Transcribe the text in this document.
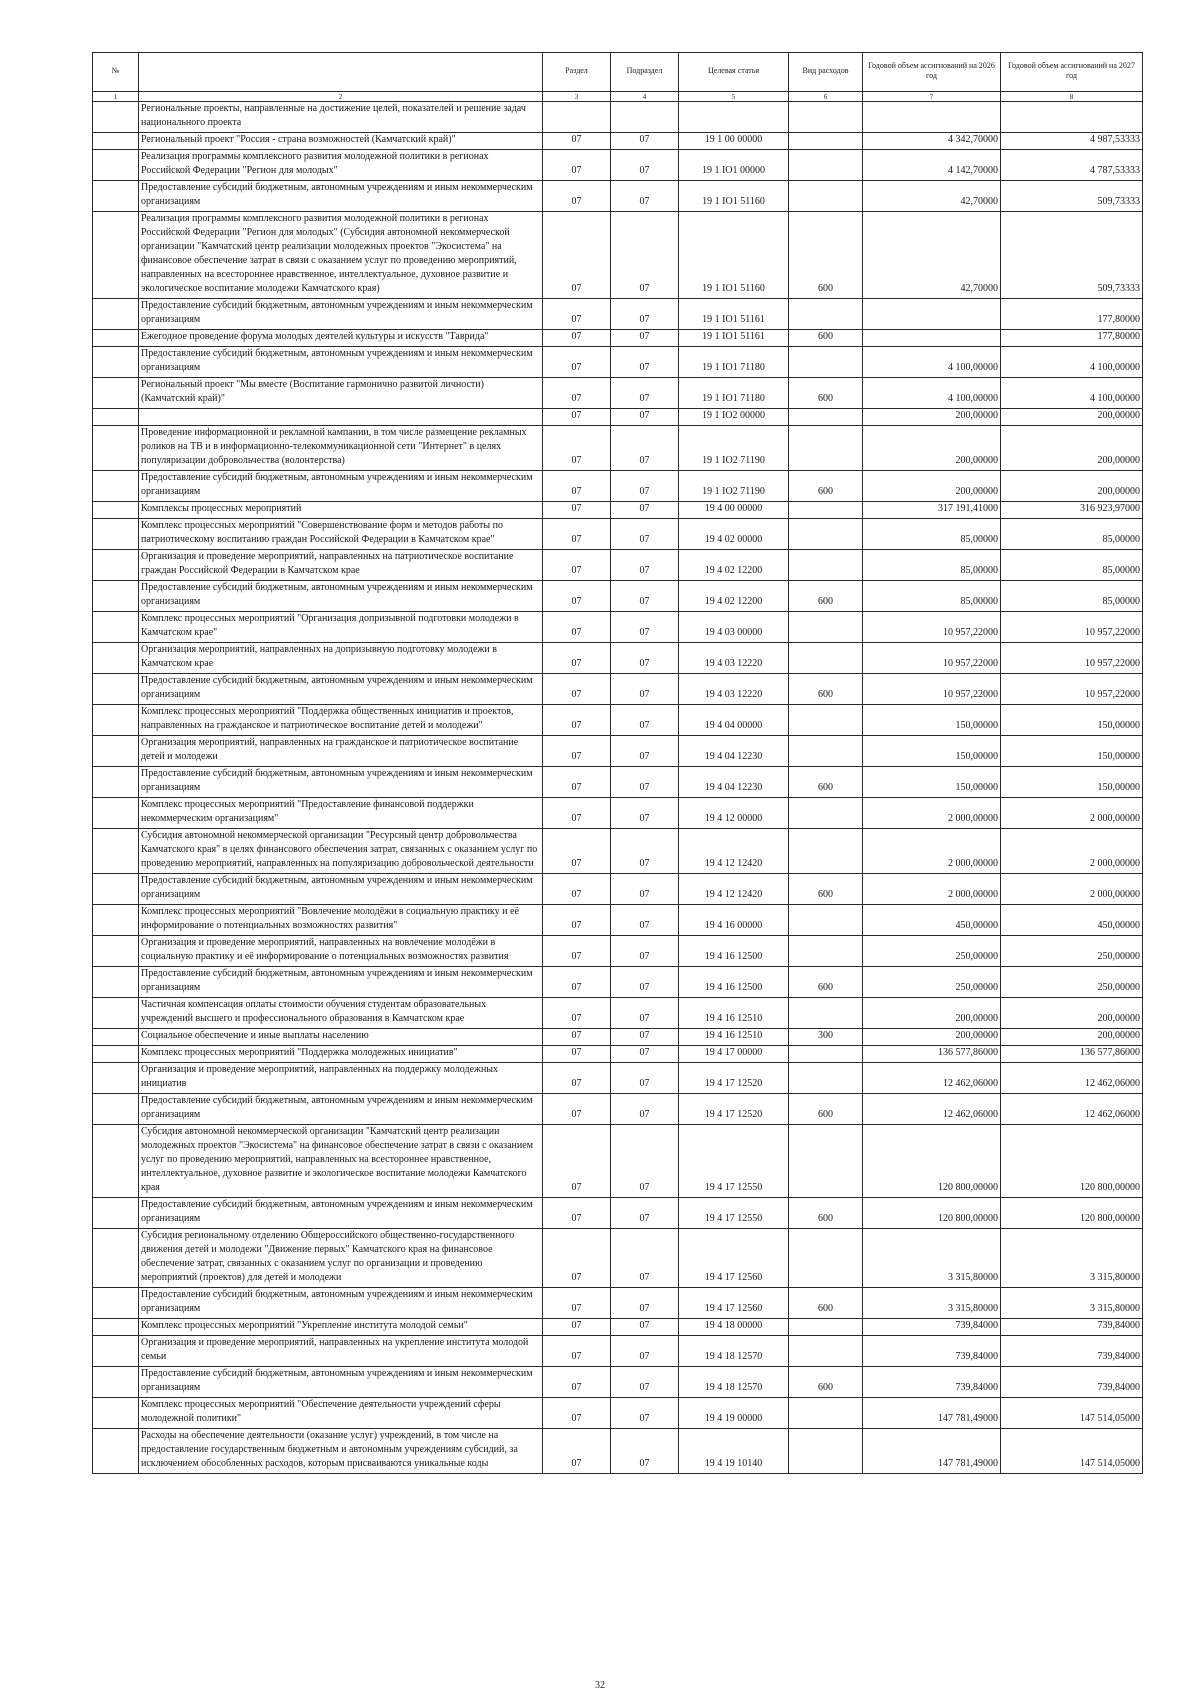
№		Раздел	Подраздел	Целевая статья	Вид расходов	Годовой объем ассигнований на 2026 год	Годовой объем ассигнований на 2027 год
1	2	3	4	5	6	7	8
	Региональные проекты, направленные на достижение целей, показателей и решение задач национального проекта						
	Региональный проект "Россия - страна возможностей (Камчатский край)"	07	07	19 1 00 00000		4 342,70000	4 987,53333
	Реализация программы комплексного развития молодежной политики в регионах Российской Федерации "Регион для молодых"	07	07	19 1 IO1 00000		4 142,70000	4 787,53333
	Предоставление субсидий бюджетным, автономным учреждениям и иным некоммерческим организациям	07	07	19 1 IO1 51160		42,70000	509,73333
	Реализация программы комплексного развития молодежной политики в регионах Российской Федерации "Регион для молодых" (Субсидия автономной некоммерческой организации "Камчатский центр реализации молодежных проектов "Экосистема" на финансовое обеспечение затрат в связи с оказанием услуг по проведению мероприятий, направленных на всестороннее нравственное, интеллектуальное, духовное развитие и экологическое воспитание молодежи Камчатского края)	07	07	19 1 IO1 51160	600	42,70000	509,73333
	Предоставление субсидий бюджетным, автономным учреждениям и иным некоммерческим организациям	07	07	19 1 IO1 51161			177,80000
	Ежегодное проведение форума молодых деятелей культуры и искусств "Таврида"	07	07	19 1 IO1 51161	600		177,80000
	Предоставление субсидий бюджетным, автономным учреждениям и иным некоммерческим организациям	07	07	19 1 IO1 71180		4 100,00000	4 100,00000
	Региональный проект "Мы вместе (Воспитание гармонично развитой личности) (Камчатский край)"	07	07	19 1 IO1 71180	600	4 100,00000	4 100,00000
		07	07	19 1 IO2 00000		200,00000	200,00000
	Проведение информационной и рекламной кампании, в том числе размещение рекламных роликов на ТВ и в информационно-телекоммуникационной сети "Интернет" в целях популяризации добровольчества (волонтерства)	07	07	19 1 IO2 71190		200,00000	200,00000
	Предоставление субсидий бюджетным, автономным учреждениям и иным некоммерческим организациям	07	07	19 1 IO2 71190	600	200,00000	200,00000
	Комплексы процессных мероприятий	07	07	19 4 00 00000		317 191,41000	316 923,97000
	Комплекс процессных мероприятий "Совершенствование форм и методов работы по патриотическому воспитанию граждан Российской Федерации в Камчатском крае"	07	07	19 4 02 00000		85,00000	85,00000
	Организация и проведение мероприятий, направленных на патриотическое воспитание граждан Российской Федерации в Камчатском крае	07	07	19 4 02 12200		85,00000	85,00000
	Предоставление субсидий бюджетным, автономным учреждениям и иным некоммерческим организациям	07	07	19 4 02 12200	600	85,00000	85,00000
	Комплекс процессных мероприятий "Организация допризывной подготовки молодежи в Камчатском крае"	07	07	19 4 03 00000		10 957,22000	10 957,22000
	Организация мероприятий, направленных на допризывную подготовку молодежи в Камчатском крае	07	07	19 4 03 12220		10 957,22000	10 957,22000
	Предоставление субсидий бюджетным, автономным учреждениям и иным некоммерческим организациям	07	07	19 4 03 12220	600	10 957,22000	10 957,22000
	Комплекс процессных мероприятий "Поддержка общественных инициатив и проектов, направленных на гражданское и патриотическое воспитание детей и молодежи"	07	07	19 4 04 00000		150,00000	150,00000
	Организация мероприятий, направленных на гражданское и патриотическое воспитание детей и молодежи	07	07	19 4 04 12230		150,00000	150,00000
	Предоставление субсидий бюджетным, автономным учреждениям и иным некоммерческим организациям	07	07	19 4 04 12230	600	150,00000	150,00000
	Комплекс процессных мероприятий "Предоставление финансовой поддержки некоммерческим организациям"	07	07	19 4 12 00000		2 000,00000	2 000,00000
	Субсидия автономной некоммерческой организации "Ресурсный центр добровольчества Камчатского края" в целях финансового обеспечения затрат, связанных с оказанием услуг по проведению мероприятий, направленных на популяризацию добровольческой деятельности	07	07	19 4 12 12420		2 000,00000	2 000,00000
	Предоставление субсидий бюджетным, автономным учреждениям и иным некоммерческим организациям	07	07	19 4 12 12420	600	2 000,00000	2 000,00000
	Комплекс процессных мероприятий "Вовлечение молодёжи в социальную практику и её информирование о потенциальных возможностях развития"	07	07	19 4 16 00000		450,00000	450,00000
	Организация и проведение мероприятий, направленных на вовлечение молодёжи в социальную практику и её информирование о потенциальных возможностях развития	07	07	19 4 16 12500		250,00000	250,00000
	Предоставление субсидий бюджетным, автономным учреждениям и иным некоммерческим организациям	07	07	19 4 16 12500	600	250,00000	250,00000
	Частичная компенсация оплаты стоимости обучения студентам образовательных учреждений высшего и профессионального образования в Камчатском крае	07	07	19 4 16 12510		200,00000	200,00000
	Социальное обеспечение и иные выплаты населению	07	07	19 4 16 12510	300	200,00000	200,00000
	Комплекс процессных мероприятий "Поддержка молодежных инициатив"	07	07	19 4 17 00000		136 577,86000	136 577,86000
	Организация и проведение мероприятий, направленных на поддержку молодежных инициатив	07	07	19 4 17 12520		12 462,06000	12 462,06000
	Предоставление субсидий бюджетным, автономным учреждениям и иным некоммерческим организациям	07	07	19 4 17 12520	600	12 462,06000	12 462,06000
	Субсидия автономной некоммерческой организации "Камчатский центр реализации молодежных проектов "Экосистема" на финансовое обеспечение затрат в связи с оказанием услуг по проведению мероприятий, направленных на всестороннее нравственное, интеллектуальное, духовное развитие и экологическое воспитание молодежи Камчатского края	07	07	19 4 17 12550		120 800,00000	120 800,00000
	Предоставление субсидий бюджетным, автономным учреждениям и иным некоммерческим организациям	07	07	19 4 17 12550	600	120 800,00000	120 800,00000
	Субсидия региональному отделению Общероссийского общественно-государственного движения детей и молодежи "Движение первых" Камчатского края на финансовое обеспечение затрат, связанных с оказанием услуг по организации и проведению мероприятий (проектов) для детей и молодежи	07	07	19 4 17 12560		3 315,80000	3 315,80000
	Предоставление субсидий бюджетным, автономным учреждениям и иным некоммерческим организациям	07	07	19 4 17 12560	600	3 315,80000	3 315,80000
	Комплекс процессных мероприятий "Укрепление института молодой семьи"	07	07	19 4 18 00000		739,84000	739,84000
	Организация и проведение мероприятий, направленных на укрепление института молодой семьи	07	07	19 4 18 12570		739,84000	739,84000
	Предоставление субсидий бюджетным, автономным учреждениям и иным некоммерческим организациям	07	07	19 4 18 12570	600	739,84000	739,84000
	Комплекс процессных мероприятий "Обеспечение деятельности учреждений сферы молодежной политики"	07	07	19 4 19 00000		147 781,49000	147 514,05000
	Расходы на обеспечение деятельности (оказание услуг) учреждений, в том числе на предоставление государственным бюджетным и автономным учреждениям субсидий, за исключением обособленных расходов, которым присваиваются уникальные коды	07	07	19 4 19 10140		147 781,49000	147 514,05000
32
